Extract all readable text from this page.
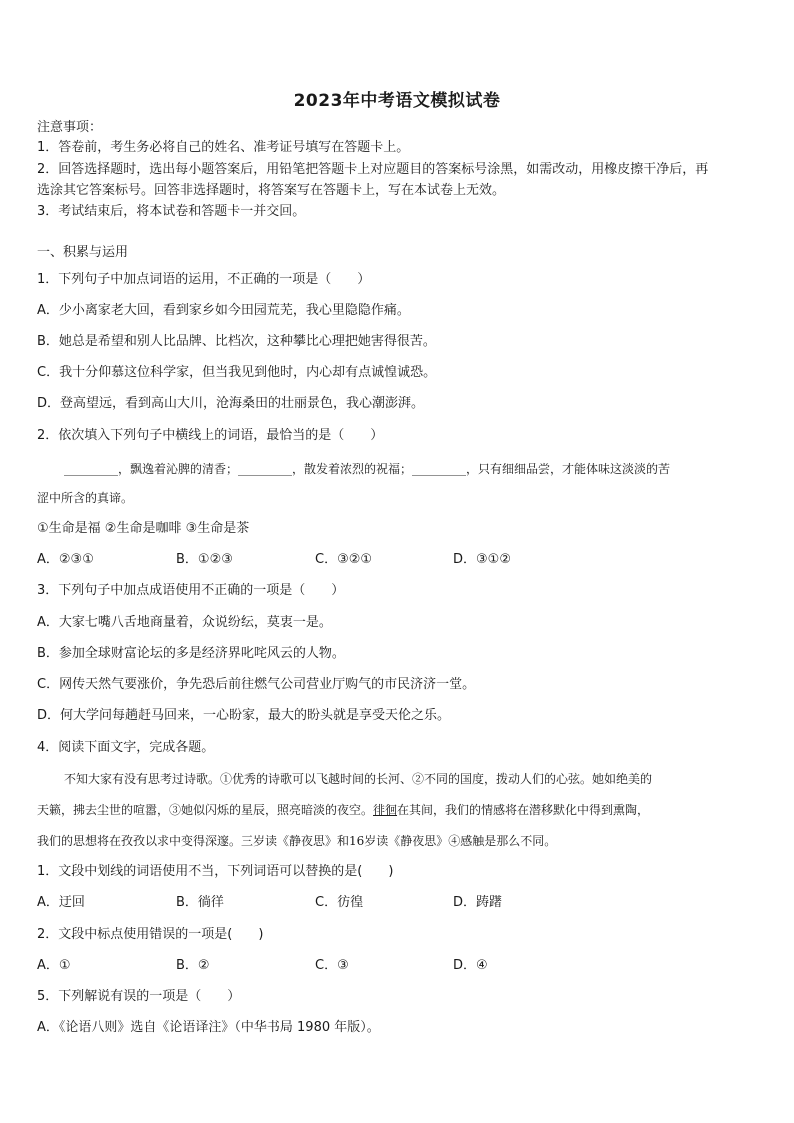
2023年中考语文模拟试卷
注意事项：
1．答卷前，考生务必将自己的姓名、准考证号填写在答题卡上。
2．回答选择题时，选出每小题答案后，用铅笔把答题卡上对应题目的答案标号涂黑，如需改动，用橡皮擦干净后，再
选涂其它答案标号。回答非选择题时，将答案写在答题卡上，写在本试卷上无效。
3．考试结束后，将本试卷和答题卡一并交回。
一、积累与运用
1．下列句子中加点词语的运用，不正确的一项是（　　）
A．少小离家老大回，看到家乡如今田园荒芜，我心里隐隐作痛。
B．她总是希望和别人比品牌、比档次，这种攀比心理把她害得很苦。
C．我十分仰慕这位科学家，但当我见到他时，内心却有点诚惶诚恐。
D．登高望远，看到高山大川，沧海桑田的壮丽景色，我心潮澎湃。
2．依次填入下列句子中横线上的词语，最恰当的是（　　）
_________，飘逸着沁脾的清香；_________，散发着浓烈的祝福；_________，只有细细品尝，才能体味这淡淡的苦
涩中所含的真谛。
①生命是福 ②生命是咖啡 ③生命是茶
A．②③①	B．①②③	C．③②①	D．③①②
3．下列句子中加点成语使用不正确的一项是（　　）
A．大家七嘴八舌地商量着，众说纷纭，莫衷一是。
B．参加全球财富论坛的多是经济界叱咤风云的人物。
C．网传天然气要涨价，争先恐后前往燃气公司营业厅购气的市民济济一堂。
D．何大学问每趟赶马回来，一心盼家，最大的盼头就是享受天伦之乐。
4．阅读下面文字，完成各题。
不知大家有没有思考过诗歌。①优秀的诗歌可以飞越时间的长河、②不同的国度，拨动人们的心弦。她如绝美的
天籁，拂去尘世的喧嚣，③她似闪烁的星辰，照亮暗淡的夜空。徘徊在其间，我们的情感将在潜移默化中得到熏陶，
我们的思想将在孜孜以求中变得深邃。三岁读《静夜思》和16岁读《静夜思》④感触是那么不同。
1．文段中划线的词语使用不当，下列词语可以替换的是(　　)
A．迂回	B．徜徉	C．彷徨	D．踌躇
2．文段中标点使用错误的一项是(　　)
A．①	B．②	C．③	D．④
5．下列解说有误的一项是（　　）
A．《论语八则》选自《论语译注》（中华书局 1980 年版）。
